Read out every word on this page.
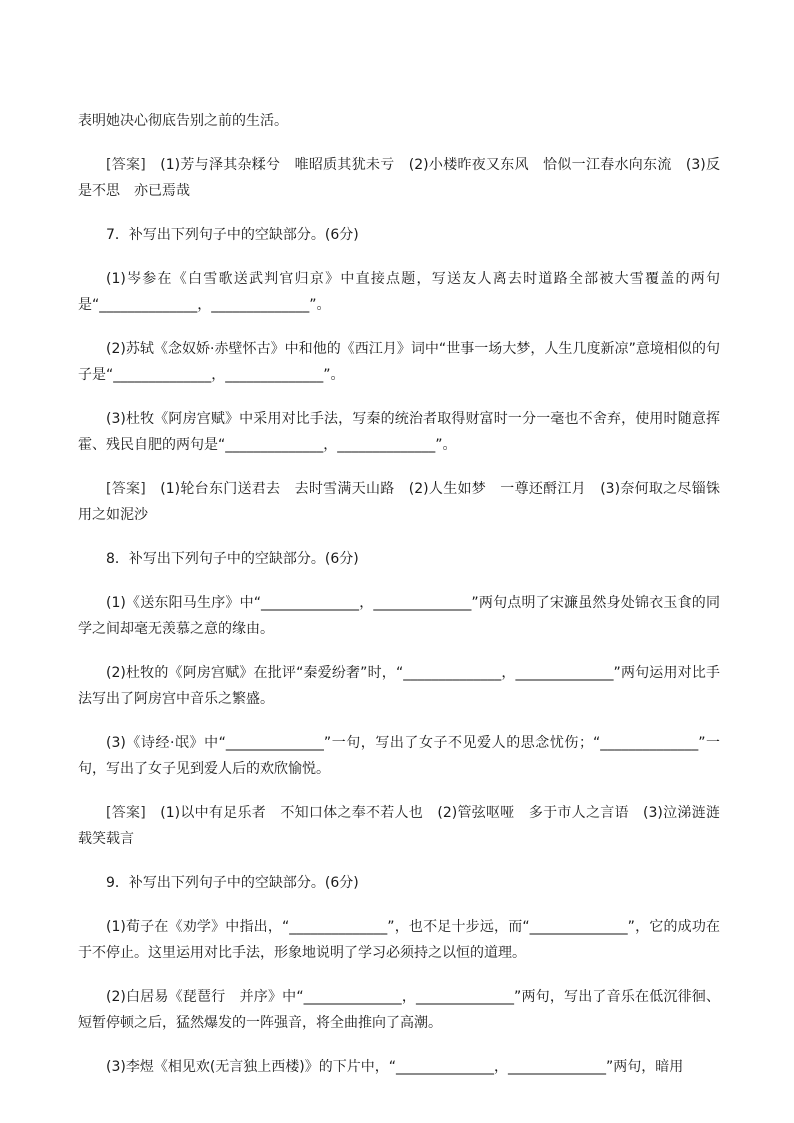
表明她决心彻底告别之前的生活。

[答案]　(1)芳与泽其杂糅兮　唯昭质其犹未亏　(2)小楼昨夜又东风　恰似一江春水向东流　(3)反是不思　亦已焉哉

7．补写出下列句子中的空缺部分。(6分)

(1)岑参在《白雪歌送武判官归京》中直接点题，写送友人离去时道路全部被大雪覆盖的两句是“______________，______________”。

(2)苏轼《念奴娇·赤壁怀古》中和他的《西江月》词中“世事一场大梦，人生几度新凉”意境相似的句子是“______________，______________”。

(3)杜牧《阿房宫赋》中采用对比手法，写秦的统治者取得财富时一分一毫也不舍弃，使用时随意挥霍、残民自肥的两句是“______________，______________”。

[答案]　(1)轮台东门送君去　去时雪满天山路　(2)人生如梦　一尊还酹江月　(3)奈何取之尽锱铢　用之如泥沙

8．补写出下列句子中的空缺部分。(6分)

(1)《送东阳马生序》中“______________，______________”两句点明了宋濂虽然身处锦衣玉食的同学之间却毫无羡慕之意的缘由。

(2)杜牧的《阿房宫赋》在批评“秦爱纷奢”时，“______________，______________”两句运用对比手法写出了阿房宫中音乐之繁盛。

(3)《诗经·氓》中“______________”一句，写出了女子不见爱人的思念忧伤；“______________”一句，写出了女子见到爱人后的欢欣愉悦。

[答案]　(1)以中有足乐者　不知口体之奉不若人也　(2)管弦呕哑　多于市人之言语　(3)泣涕涟涟　载笑载言

9．补写出下列句子中的空缺部分。(6分)

(1)荀子在《劝学》中指出，“______________”，也不足十步远，而“______________”，它的成功在于不停止。这里运用对比手法，形象地说明了学习必须持之以恒的道理。

(2)白居易《琵琶行　并序》中“______________，______________”两句，写出了音乐在低沉徘徊、短暂停顿之后，猛然爆发的一阵强音，将全曲推向了高潮。

(3)李煜《相见欢(无言独上西楼)》的下片中，“______________，______________”两句，暗用
